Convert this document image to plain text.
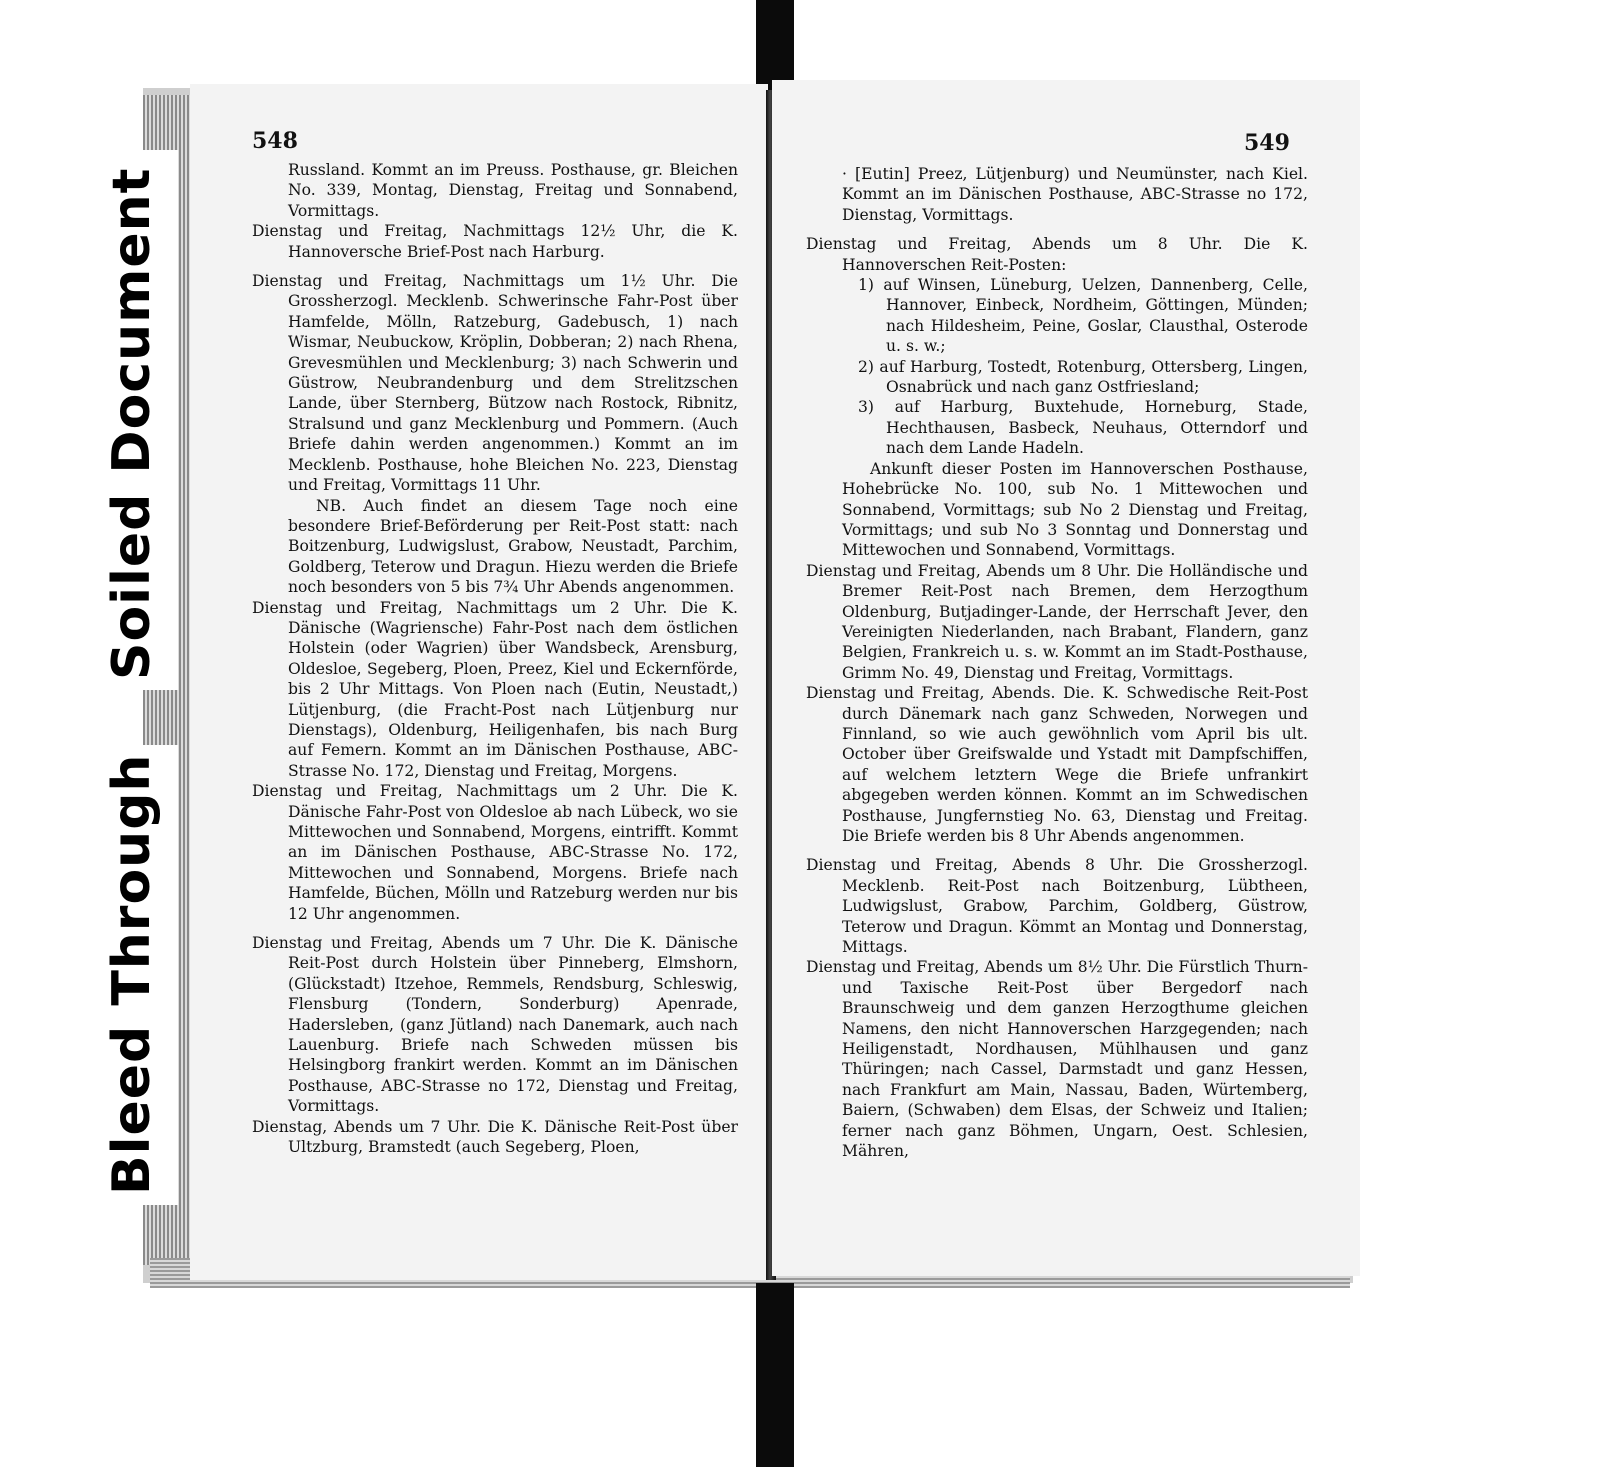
548

Russland. Kommt an im Preuss. Posthause, gr. Bleichen No. 339, Montag, Dienstag, Freitag und Sonnabend, Vormittags.

Dienstag und Freitag, Nachmittags 12½ Uhr, die K. Hannoversche Brief-Post nach Harburg.

Dienstag und Freitag, Nachmittags um 1½ Uhr. Die Grossherzogl. Mecklenb. Schwerinsche Fahr-Post über Hamfelde, Mölln, Ratzeburg, Gadebusch, 1) nach Wismar, Neubuckow, Kröplin, Dobberan; 2) nach Rhena, Grevesmühlen und Mecklenburg; 3) nach Schwerin und Güstrow, Neubrandenburg und dem Strelitzschen Lande, über Sternberg, Bützow nach Rostock, Ribnitz, Stralsund und ganz Mecklenburg und Pommern. (Auch Briefe dahin werden angenommen.) Kommt an im Mecklenb. Posthause, hohe Bleichen No. 223, Dienstag und Freitag, Vormittags 11 Uhr.

NB. Auch findet an diesem Tage noch eine besondere Brief-Beförderung per Reit-Post statt: nach Boitzenburg, Ludwigslust, Grabow, Neustadt, Parchim, Goldberg, Teterow und Dragun. Hiezu werden die Briefe noch besonders von 5 bis 7¾ Uhr Abends angenommen.

Dienstag und Freitag, Nachmittags um 2 Uhr. Die K. Dänische (Wagriensche) Fahr-Post nach dem östlichen Holstein (oder Wagrien) über Wandsbeck, Arensburg, Oldesloe, Segeberg, Ploen, Preez, Kiel und Eckernförde, bis 2 Uhr Mittags. Von Ploen nach (Eutin, Neustadt,) Lütjenburg, (die Fracht-Post nach Lütjenburg nur Dienstags), Oldenburg, Heiligenhafen, bis nach Burg auf Femern. Kommt an im Dänischen Posthause, ABC-Strasse No. 172, Dienstag und Freitag, Morgens.

Dienstag und Freitag, Nachmittags um 2 Uhr. Die K. Dänische Fahr-Post von Oldesloe ab nach Lübeck, wo sie Mittewochen und Sonnabend, Morgens, eintrifft. Kommt an im Dänischen Posthause, ABC-Strasse No. 172, Mittewochen und Sonnabend, Morgens. Briefe nach Hamfelde, Büchen, Mölln und Ratzeburg werden nur bis 12 Uhr angenommen.

Dienstag und Freitag, Abends um 7 Uhr. Die K. Dänische Reit-Post durch Holstein über Pinneberg, Elmshorn, (Glückstadt) Itzehoe, Remmels, Rendsburg, Schleswig, Flensburg (Tondern, Sonderburg) Apenrade, Hadersleben, (ganz Jütland) nach Danemark, auch nach Lauenburg. Briefe nach Schweden müssen bis Helsingborg frankirt werden. Kommt an im Dänischen Posthause, ABC-Strasse no 172, Dienstag und Freitag, Vormittags.

Dienstag, Abends um 7 Uhr. Die K. Dänische Reit-Post über Ultzburg, Bramstedt (auch Segeberg, Ploen,

549

· [Eutin] Preez, Lütjenburg) und Neumünster, nach Kiel. Kommt an im Dänischen Posthause, ABC-Strasse no 172, Dienstag, Vormittags.

Dienstag und Freitag, Abends um 8 Uhr. Die K. Hannoverschen Reit-Posten:

1) auf Winsen, Lüneburg, Uelzen, Dannenberg, Celle, Hannover, Einbeck, Nordheim, Göttingen, Münden; nach Hildesheim, Peine, Goslar, Clausthal, Osterode u. s. w.;

2) auf Harburg, Tostedt, Rotenburg, Ottersberg, Lingen, Osnabrück und nach ganz Ostfriesland;

3) auf Harburg, Buxtehude, Horneburg, Stade, Hechthausen, Basbeck, Neuhaus, Otterndorf und nach dem Lande Hadeln.

Ankunft dieser Posten im Hannoverschen Posthause, Hohebrücke No. 100, sub No. 1 Mittewochen und Sonnabend, Vormittags; sub No 2 Dienstag und Freitag, Vormittags; und sub No 3 Sonntag und Donnerstag und Mittewochen und Sonnabend, Vormittags.

Dienstag und Freitag, Abends um 8 Uhr. Die Holländische und Bremer Reit-Post nach Bremen, dem Herzogthum Oldenburg, Butjadinger-Lande, der Herrschaft Jever, den Vereinigten Niederlanden, nach Brabant, Flandern, ganz Belgien, Frankreich u. s. w. Kommt an im Stadt-Posthause, Grimm No. 49, Dienstag und Freitag, Vormittags.

Dienstag und Freitag, Abends. Die. K. Schwedische Reit-Post durch Dänemark nach ganz Schweden, Norwegen und Finnland, so wie auch gewöhnlich vom April bis ult. October über Greifswalde und Ystadt mit Dampfschiffen, auf welchem letztern Wege die Briefe unfrankirt abgegeben werden können. Kommt an im Schwedischen Posthause, Jungfernstieg No. 63, Dienstag und Freitag. Die Briefe werden bis 8 Uhr Abends angenommen.

Dienstag und Freitag, Abends 8 Uhr. Die Grossherzogl. Mecklenb. Reit-Post nach Boitzenburg, Lübtheen, Ludwigslust, Grabow, Parchim, Goldberg, Güstrow, Teterow und Dragun. Kömmt an Montag und Donnerstag, Mittags.

Dienstag und Freitag, Abends um 8½ Uhr. Die Fürstlich Thurn- und Taxische Reit-Post über Bergedorf nach Braunschweig und dem ganzen Herzogthume gleichen Namens, den nicht Hannoverschen Harzgegenden; nach Heiligenstadt, Nordhausen, Mühlhausen und ganz Thüringen; nach Cassel, Darmstadt und ganz Hessen, nach Frankfurt am Main, Nassau, Baden, Würtemberg, Baiern, (Schwaben) dem Elsas, der Schweiz und Italien; ferner nach ganz Böhmen, Ungarn, Oest. Schlesien, Mähren,

Soiled Document
Bleed Through
